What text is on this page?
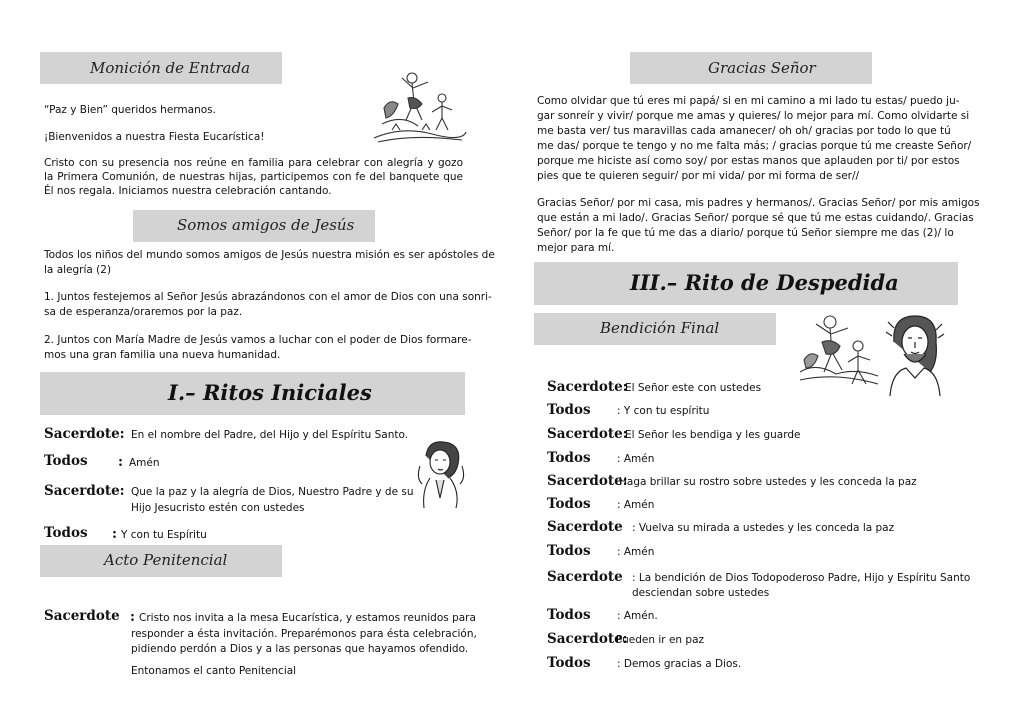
Monición de Entrada
“Paz y Bien” queridos hermanos.
¡Bienvenidos a nuestra Fiesta Eucarística!
Cristo con su presencia nos reúne en familia para celebrar con alegría y gozo la Primera Comunión, de nuestras hijas, participemos con fe del banquete que Él nos regala. Iniciamos nuestra celebración cantando.
Somos amigos de Jesús
Todos los niños del mundo somos amigos de Jesús nuestra misión es ser apóstoles de
la alegría (2)
1. Juntos festejemos al Señor Jesús abrazándonos con el amor de Dios con una sonri-
sa de esperanza/oraremos por la paz.
2. Juntos con María Madre de Jesús vamos a luchar con el poder de Dios formare-
mos una gran familia una nueva humanidad.
I.– Ritos Iniciales
Sacerdote: En el nombre del Padre, del Hijo y del Espíritu Santo.
Todos : Amén
Sacerdote: Que la paz y la alegría de Dios, Nuestro Padre y de su
Hijo Jesucristo estén con ustedes
Todos : Y con tu Espíritu
Acto Penitencial
Sacerdote : Cristo nos invita a la mesa Eucarística, y estamos reunidos para
responder a ésta invitación. Preparémonos para ésta celebración,
pidiendo perdón a Dios y a las personas que hayamos ofendido.
Entonamos el canto Penitencial
Gracias Señor
Como olvidar que tú eres mi papá/ si en mi camino a mi lado tu estas/ puedo ju-
gar sonreír y vivir/ porque me amas y quieres/ lo mejor para mí. Como olvidarte si
me basta ver/ tus maravillas cada amanecer/ oh oh/ gracias por todo lo que tú
me das/ porque te tengo y no me falta más; / gracias porque tú me creaste Señor/
porque me hiciste así como soy/ por estas manos que aplauden por ti/ por estos
pies que te quieren seguir/ por mi vida/ por mi forma de ser//
Gracias Señor/ por mi casa, mis padres y hermanos/. Gracias Señor/ por mis amigos
que están a mi lado/. Gracias Señor/ porque sé que tú me estas cuidando/. Gracias
Señor/ por la fe que tú me das a diario/ porque tú Señor siempre me das (2)/ lo
mejor para mí.
III.– Rito de Despedida
Bendición Final
Sacerdote:
El Señor este con ustedes
Todos	: Y con tu espíritu
Sacerdote:
El Señor les bendiga y les guarde
Todos	: Amén
Sacerdote:
Haga brillar su rostro sobre ustedes y les conceda la paz
Todos	: Amén
Sacerdote : Vuelva su mirada a ustedes y les conceda la paz
Todos	: Amén
Sacerdote : La bendición de Dios Todopoderoso Padre, Hijo y Espíritu Santo
desciendan sobre ustedes
Todos	: Amén.
Sacerdote:
Pueden ir en paz
Todos	: Demos gracias a Dios.
